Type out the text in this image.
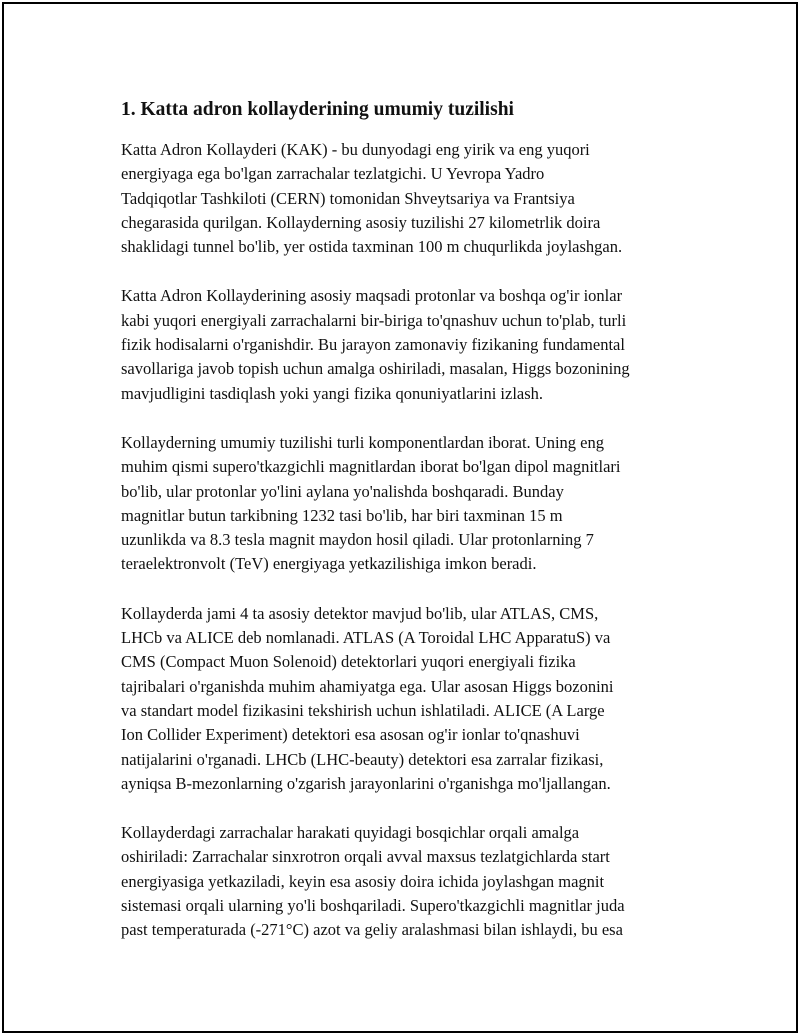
1. Katta adron kollayderining umumiy tuzilishi
Katta Adron Kollayderi (KAK) - bu dunyodagi eng yirik va eng yuqori
energiyaga ega bo'lgan zarrachalar tezlatgichi. U Yevropa Yadro
Tadqiqotlar Tashkiloti (CERN) tomonidan Shveytsariya va Frantsiya
chegarasida qurilgan. Kollayderning asosiy tuzilishi 27 kilometrlik doira
shaklidagi tunnel bo'lib, yer ostida taxminan 100 m chuqurlikda joylashgan.
Katta Adron Kollayderining asosiy maqsadi protonlar va boshqa og'ir ionlar
kabi yuqori energiyali zarrachalarni bir-biriga to'qnashuv uchun to'plab, turli
fizik hodisalarni o'rganishdir. Bu jarayon zamonaviy fizikaning fundamental
savollariga javob topish uchun amalga oshiriladi, masalan, Higgs bozonining
mavjudligini tasdiqlash yoki yangi fizika qonuniyatlarini izlash.
Kollayderning umumiy tuzilishi turli komponentlardan iborat. Uning eng
muhim qismi supero'tkazgichli magnitlardan iborat bo'lgan dipol magnitlari
bo'lib, ular protonlar yo'lini aylana yo'nalishda boshqaradi. Bunday
magnitlar butun tarkibning 1232 tasi bo'lib, har biri taxminan 15 m
uzunlikda va 8.3 tesla magnit maydon hosil qiladi. Ular protonlarning 7
teraelektronvolt (TeV) energiyaga yetkazilishiga imkon beradi.
Kollayderda jami 4 ta asosiy detektor mavjud bo'lib, ular ATLAS, CMS,
LHCb va ALICE deb nomlanadi. ATLAS (A Toroidal LHC ApparatuS) va
CMS (Compact Muon Solenoid) detektorlari yuqori energiyali fizika
tajribalari o'rganishda muhim ahamiyatga ega. Ular asosan Higgs bozonini
va standart model fizikasini tekshirish uchun ishlatiladi. ALICE (A Large
Ion Collider Experiment) detektori esa asosan og'ir ionlar to'qnashuvi
natijalarini o'rganadi. LHCb (LHC-beauty) detektori esa zarralar fizikasi,
ayniqsa B-mezonlarning o'zgarish jarayonlarini o'rganishga mo'ljallangan.
Kollayderdagi zarrachalar harakati quyidagi bosqichlar orqali amalga
oshiriladi: Zarrachalar sinxrotron orqali avval maxsus tezlatgichlarda start
energiyasiga yetkaziladi, keyin esa asosiy doira ichida joylashgan magnit
sistemasi orqali ularning yo'li boshqariladi. Supero'tkazgichli magnitlar juda
past temperaturada (-271°C) azot va geliy aralashmasi bilan ishlaydi, bu esa
